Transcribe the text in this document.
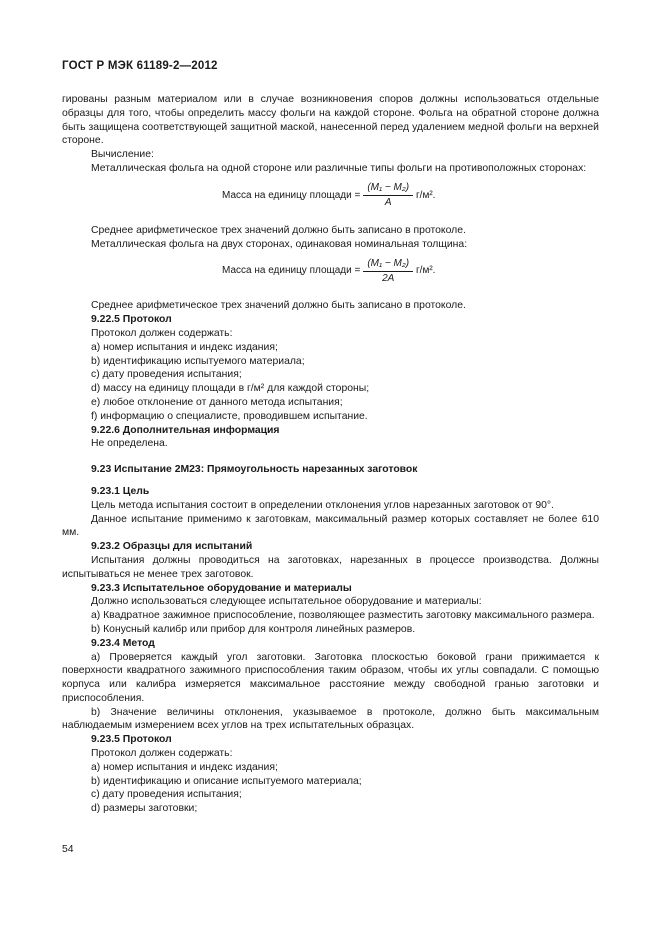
ГОСТ Р МЭК 61189-2—2012

гированы разным материалом или в случае возникновения споров должны использоваться отдельные образцы для того, чтобы определить массу фольги на каждой стороне. Фольга на обратной стороне должна быть защищена соответствующей защитной маской, нанесенной перед удалением медной фольги на верхней стороне.

Вычисление:

Металлическая фольга на одной стороне или различные типы фольги на противоположных сторонах:

Масса на единицу площади = $\frac{\text{(M₁ − M₂)}}{A} г/м^2$.

Среднее арифметическое трех значений должно быть записано в протоколе.

Металлическая фольга на двух сторонах, одинаковая номинальная толщина:

Масса на единицу площади = $\frac{\text{(M₁ − M₂)}}{2A} г/м^2$.

Среднее арифметическое трех значений должно быть записано в протоколе.

9.22.5 Протокол

Протокол должен содержать:

a) номер испытания и индекс издания;

b) идентификацию испытуемого материала;

c) дату проведения испытания;

d) массу на единицу площади в г/м² для каждой стороны;

e) любое отклонение от данного метода испытания;

f) информацию о специалисте, проводившем испытание.

9.22.6 Дополнительная информация

Не определена.

9.23 Испытание 2М23: Прямоугольность нарезанных заготовок

9.23.1 Цель

Цель метода испытания состоит в определении отклонения углов нарезанных заготовок от 90°.

Данное испытание применимо к заготовкам, максимальный размер которых составляет не более 610 мм.

9.23.2 Образцы для испытаний

Испытания должны проводиться на заготовках, нарезанных в процессе производства. Должны испытываться не менее трех заготовок.

9.23.3 Испытательное оборудование и материалы

Должно использоваться следующее испытательное оборудование и материалы:

a) Квадратное зажимное приспособление, позволяющее разместить заготовку максимального размера.

b) Конусный калибр или прибор для контроля линейных размеров.

9.23.4 Метод

a) Проверяется каждый угол заготовки. Заготовка плоскостью боковой грани прижимается к поверхности квадратного зажимного приспособления таким образом, чтобы их углы совпадали. С помощью корпуса или калибра измеряется максимальное расстояние между свободной гранью заготовки и приспособления.

b) Значение величины отклонения, указываемое в протоколе, должно быть максимальным наблюдаемым измерением всех углов на трех испытательных образцах.

9.23.5 Протокол

Протокол должен содержать:

a) номер испытания и индекс издания;

b) идентификацию и описание испытуемого материала;

c) дату проведения испытания;

d) размеры заготовки;

54
